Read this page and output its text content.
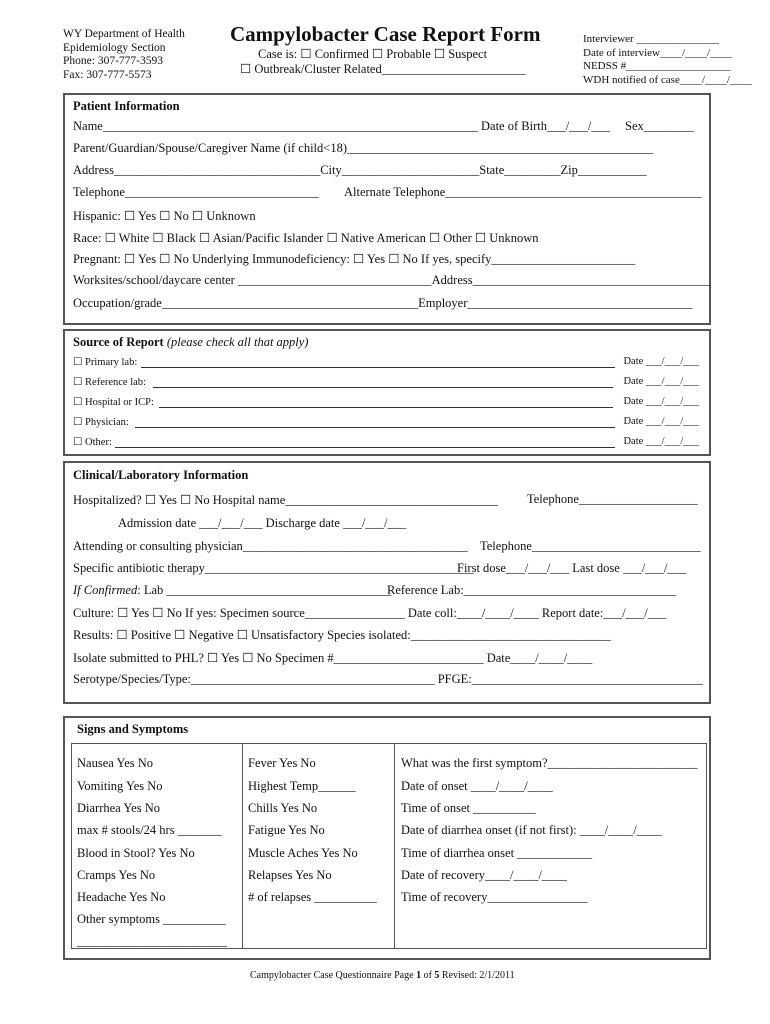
WY Department of Health
Epidemiology Section
Phone: 307-777-3593
Fax: 307-777-5573
Campylobacter Case Report Form
Case is: ☐ Confirmed ☐ Probable ☐ Suspect
☐ Outbreak/Cluster Related_______________________
Interviewer _______________
Date of interview____/____/____
NEDSS #___________________
WDH notified of case____/____/____
Patient Information
Name____________________________________________________________ Date of Birth___/___/___ Sex________
Parent/Guardian/Spouse/Caregiver Name (if child<18)_________________________________________________
Address_________________________________City______________________State_________Zip___________
Telephone_______________________________ Alternate Telephone_________________________________________
Hispanic: ☐ Yes ☐ No ☐ Unknown
Race: ☐ White ☐ Black ☐ Asian/Pacific Islander ☐ Native American ☐ Other ☐ Unknown
Pregnant: ☐ Yes ☐ No Underlying Immunodeficiency: ☐ Yes ☐ No If yes, specify_______________________
Worksites/school/daycare center _______________________________Address______________________________________
Occupation/grade_________________________________________Employer____________________________________
Source of Report (please check all that apply)
☐ Primary lab:	Date ___/___/___
☐ Reference lab:	Date ___/___/___
☐ Hospital or ICP:	Date ___/___/___
☐ Physician:	Date ___/___/___
☐ Other:	Date ___/___/___
Clinical/Laboratory Information
Hospitalized? ☐ Yes ☐ No Hospital name__________________________________ Telephone___________________
Admission date ___/___/___ Discharge date ___/___/___
Attending or consulting physician____________________________________ Telephone___________________________
Specific antibiotic therapy___________________________________________
First dose___/___/___ Last dose ___/___/___
If Confirmed: Lab ____________________________________
Reference Lab:__________________________________
Culture: ☐ Yes ☐ No If yes: Specimen source________________ Date coll:____/____/____ Report date:___/___/___
Results: ☐ Positive ☐ Negative ☐ Unsatisfactory Species isolated:________________________________
Isolate submitted to PHL? ☐ Yes ☐ No Specimen #________________________ Date____/____/____
Serotype/Species/Type:_______________________________________ PFGE:_____________________________________
Signs and Symptoms
Nausea Yes No
Vomiting Yes No
Diarrhea Yes No
max # stools/24 hrs _______
Blood in Stool? Yes No
Cramps Yes No
Headache Yes No
Other symptoms __________
________________________
Fever Yes No
Highest Temp______
Chills Yes No
Fatigue Yes No
Muscle Aches Yes No
Relapses Yes No
# of relapses __________
What was the first symptom?________________________
Date of onset ____/____/____
Time of onset __________
Date of diarrhea onset (if not first): ____/____/____
Time of diarrhea onset ____________
Date of recovery____/____/____
Time of recovery________________
Campylobacter Case Questionnaire Page 1 of 5 Revised: 2/1/2011
